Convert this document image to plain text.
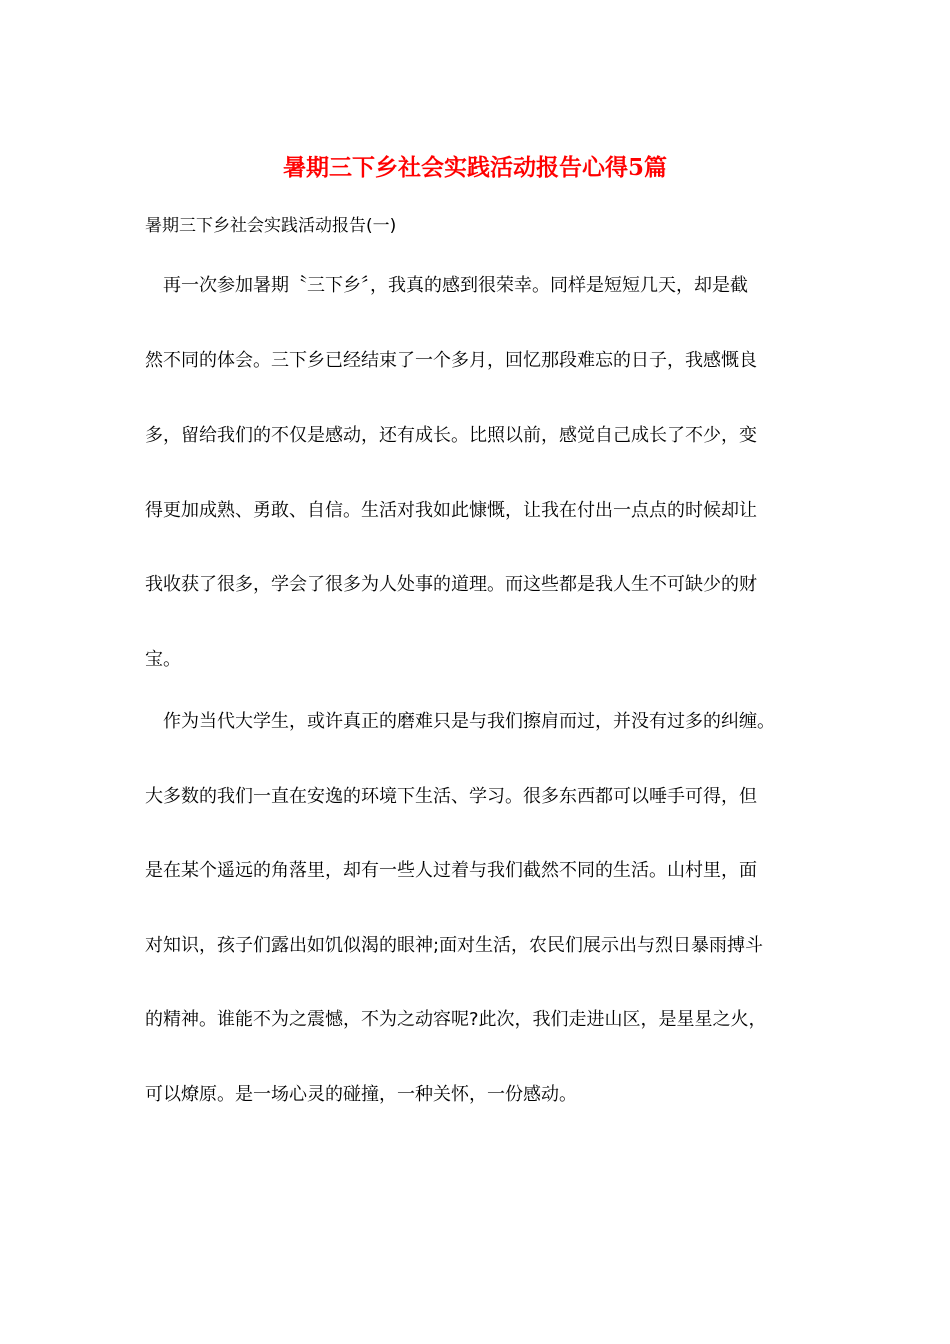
暑期三下乡社会实践活动报告心得5篇
暑期三下乡社会实践活动报告(一)
再一次参加暑期〝三下乡〞，我真的感到很荣幸。同样是短短几天，却是截
然不同的体会。三下乡已经结束了一个多月，回忆那段难忘的日子，我感慨良
多，留给我们的不仅是感动，还有成长。比照以前，感觉自己成长了不少，变
得更加成熟、勇敢、自信。生活对我如此慷慨，让我在付出一点点的时候却让
我收获了很多，学会了很多为人处事的道理。而这些都是我人生不可缺少的财
宝。
作为当代大学生，或许真正的磨难只是与我们擦肩而过，并没有过多的纠缠。
大多数的我们一直在安逸的环境下生活、学习。很多东西都可以唾手可得，但
是在某个遥远的角落里，却有一些人过着与我们截然不同的生活。山村里，面
对知识，孩子们露出如饥似渴的眼神;面对生活，农民们展示出与烈日暴雨搏斗
的精神。谁能不为之震憾，不为之动容呢?此次，我们走进山区，是星星之火，
可以燎原。是一场心灵的碰撞，一种关怀，一份感动。
